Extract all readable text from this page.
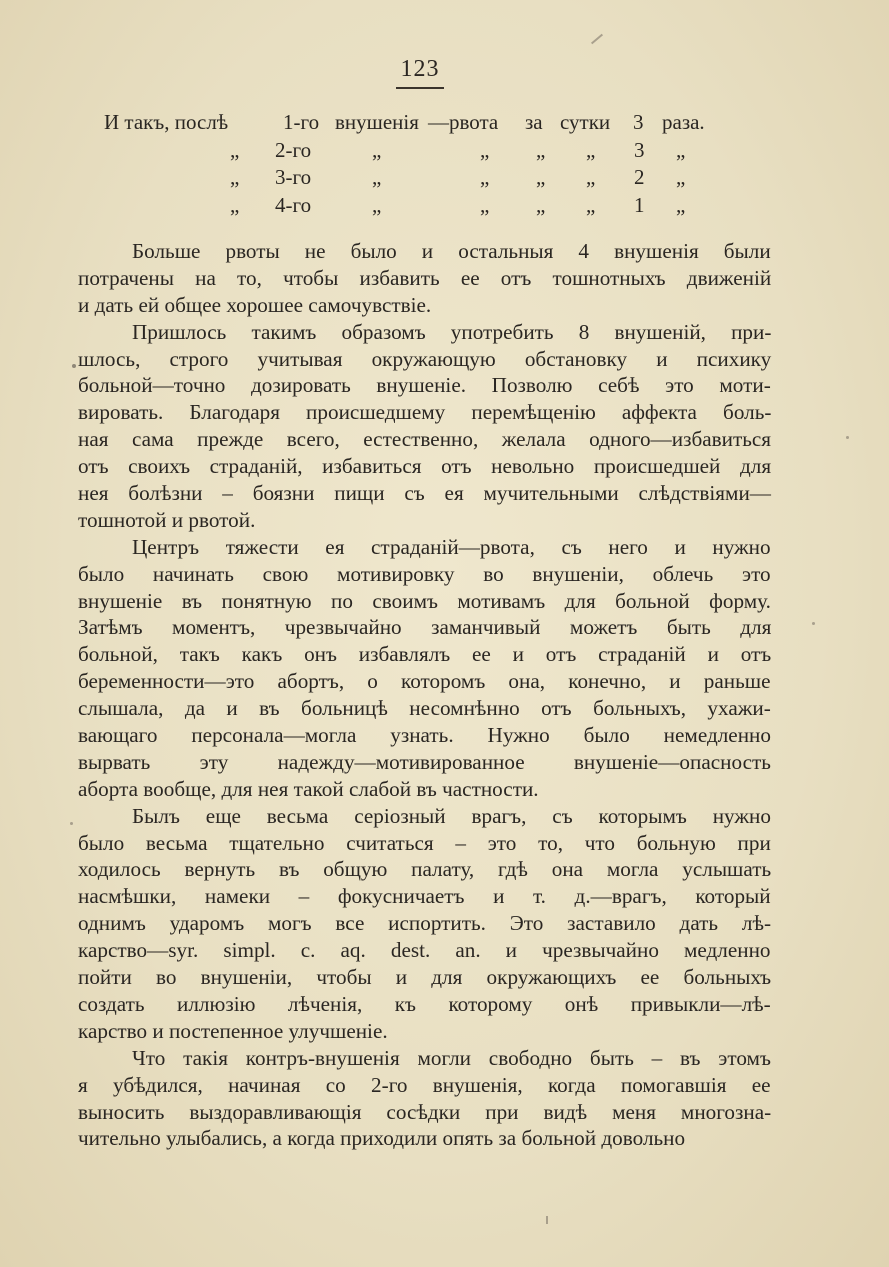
123
И такъ, послѣ	1-го внушенія —рвота за сутки 3 раза.
„ 2-го	„	„ „ „ 3 „
„ 3-го	„	„ „ „ 2 „
„ 4-го	„	„ „ „ 1 „
Больше рвоты не было и остальныя 4 внушенія были
потрачены на то, чтобы избавить ее отъ тошнотныхъ движеній
и дать ей общее хорошее самочувствіе.
Пришлось такимъ образомъ употребить 8 внушеній, при-
шлось, строго учитывая окружающую обстановку и психику
больной—точно дозировать внушеніе. Позволю себѣ это моти-
вировать. Благодаря происшедшему перемѣщенію аффекта боль-
ная сама прежде всего, естественно, желала одного—избавиться
отъ своихъ страданій, избавиться отъ невольно происшедшей для
нея болѣзни – боязни пищи съ ея мучительными слѣдствіями—
тошнотой и рвотой.
Центръ тяжести ея страданій—рвота, съ него и нужно
было начинать свою мотивировку во внушеніи, облечь это
внушеніе въ понятную по своимъ мотивамъ для больной форму.
Затѣмъ моментъ, чрезвычайно заманчивый можетъ быть для
больной, такъ какъ онъ избавлялъ ее и отъ страданій и отъ
беременности—это абортъ, о которомъ она, конечно, и раньше
слышала, да и въ больницѣ несомнѣнно отъ больныхъ, ухажи-
вающаго персонала—могла узнать. Нужно было немедленно
вырвать эту надежду—мотивированное внушеніе—опасность
аборта вообще, для нея такой слабой въ частности.
Былъ еще весьма серіозный врагъ, съ которымъ нужно
было весьма тщательно считаться – это то, что больную при
ходилось вернуть въ общую палату, гдѣ она могла услышать
насмѣшки, намеки – фокусничаетъ и т. д.—врагъ, который
однимъ ударомъ могъ все испортить. Это заставило дать лѣ-
карство—syr. simpl. c. aq. dest. an. и чрезвычайно медленно
пойти во внушеніи, чтобы и для окружающихъ ее больныхъ
создать иллюзію лѣченія, къ которому онѣ привыкли—лѣ-
карство и постепенное улучшеніе.
Что такія контръ-внушенія могли свободно быть – въ этомъ
я убѣдился, начиная со 2-го внушенія, когда помогавшія ее
выносить выздоравливающія сосѣдки при видѣ меня многозна-
чительно улыбались, а когда приходили опять за больной довольно
